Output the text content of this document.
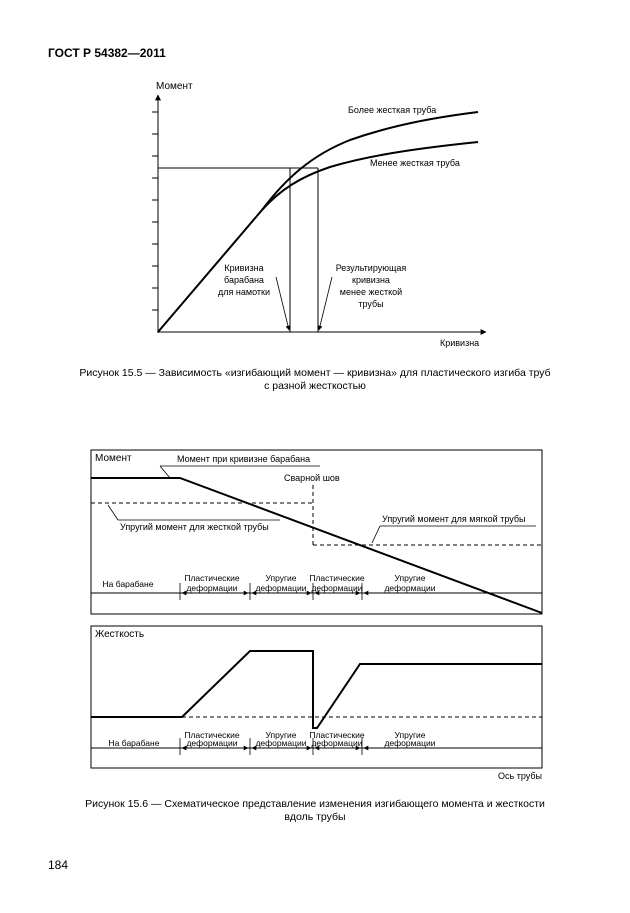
ГОСТ Р 54382—2011
Момент
Кривизна
Более жесткая труба
Менее жесткая труба
Кривизна
барабана
для намотки
Результирующая
кривизна
менее жесткой
трубы
Момент	Момент при кривизне барабана
Сварной шов
Упругий момент для жесткой трубы
Упругий момент для мягкой трубы
На барабане
Пластические
деформации
Упругие
деформации
Пластические
деформации
Упругие
деформации
Жесткость
На барабане
Пластические
деформации
Упругие
деформации
Пластические
деформации
Упругие
деформации
Ось трубы
Рисунок 15.5 — Зависимость «изгибающий момент — кривизна» для пластического изгиба труб
с разной жесткостью
Рисунок 15.6 — Схематическое представление изменения изгибающего момента и жесткости
вдоль трубы
184
